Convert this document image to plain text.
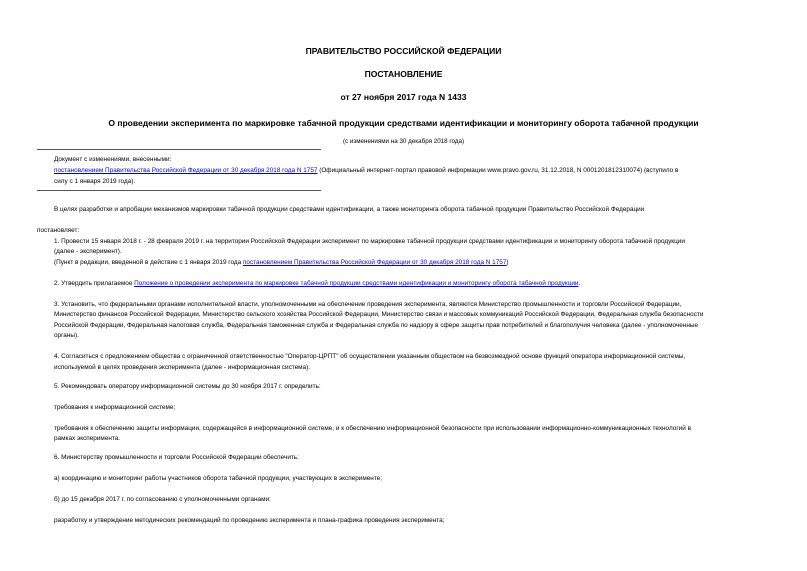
ПРАВИТЕЛЬСТВО РОССИЙСКОЙ ФЕДЕРАЦИИ
ПОСТАНОВЛЕНИЕ
от 27 ноября 2017 года N 1433
О проведении эксперимента по маркировке табачной продукции средствами идентификации и мониторингу оборота табачной продукции
(с изменениями на 30 декабря 2018 года)

Документ с изменениями, внесенными:

постановлением Правительства Российской Федерации от 30 декабря 2018 года N 1757 (Официальный интернет-портал правовой информации www.pravo.gov.ru, 31.12.2018, N 0001201812310074) (вступило в

силу с 1 января 2019 года).

В целях разработки и апробации механизмов маркировки табачной продукции средствами идентификации, а также мониторинга оборота табачной продукции Правительство Российской Федерации

постановляет:

1. Провести 15 января 2018 г. - 28 февраля 2019 г. на территории Российской Федерации эксперимент по маркировке табачной продукции средствами идентификации и мониторингу оборота табачной продукции

(далее - эксперимент).

(Пункт в редакции, введенной в действие с 1 января 2019 года постановлением Правительства Российской Федерации от 30 декабря 2018 года N 1757)

2. Утвердить прилагаемое Положение о проведении эксперимента по маркировке табачной продукции средствами идентификации и мониторингу оборота табачной продукции.

3. Установить, что федеральными органами исполнительной власти, уполномоченными на обеспечение проведения эксперимента, являются Министерство промышленности и торговли Российской Федерации,

Министерство финансов Российской Федерации, Министерство сельского хозяйства Российской Федерации, Министерство связи и массовых коммуникаций Российской Федерации, Федеральная служба безопасности

Российской Федерации, Федеральная налоговая служба, Федеральная таможенная служба и Федеральная служба по надзору в сфере защиты прав потребителей и благополучия человека (далее - уполномоченные

органы).

4. Согласиться с предложением общества с ограниченной ответственностью "Оператор-ЦРПТ" об осуществлении указанным обществом на безвозмездной основе функций оператора информационной системы,

используемой в целях проведения эксперимента (далее - информационная система).

5. Рекомендовать оператору информационной системы до 30 ноября 2017 г. определить:

требования к информационной системе;

требования к обеспечению защиты информации, содержащейся в информационной системе, и к обеспечению информационной безопасности при использовании информационно-коммуникационных технологий в

рамках эксперимента.

6. Министерству промышленности и торговли Российской Федерации обеспечить:

а) координацию и мониторинг работы участников оборота табачной продукции, участвующих в эксперименте;

б) до 15 декабря 2017 г. по согласованию с уполномоченными органами:

разработку и утверждение методических рекомендаций по проведению эксперимента и плана-графика проведения эксперимента;
